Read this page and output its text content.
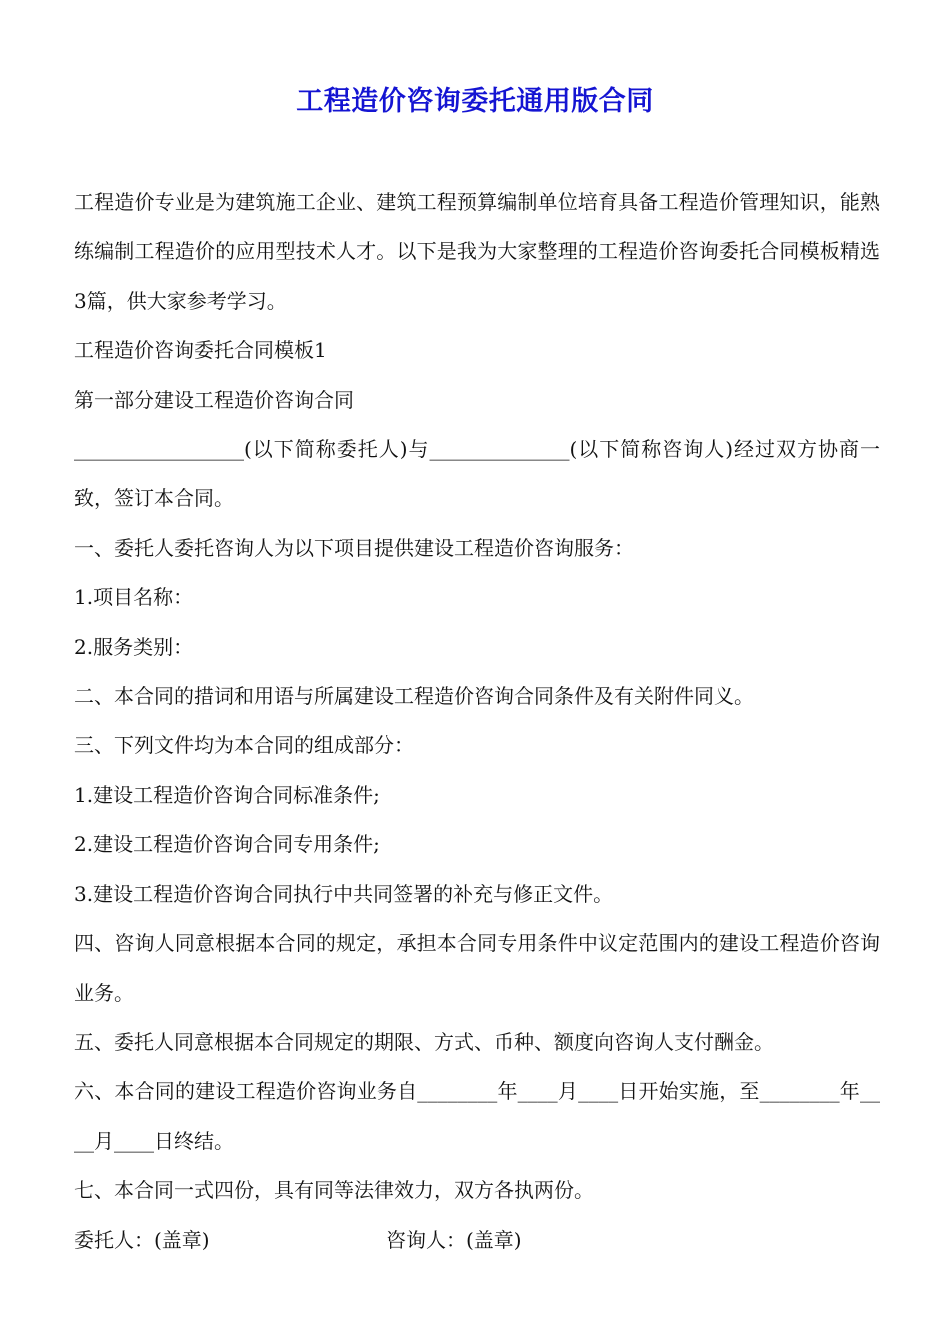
工程造价咨询委托通用版合同

工程造价专业是为建筑施工企业、建筑工程预算编制单位培育具备工程造价管理知识，能熟练编制工程造价的应用型技术人才。以下是我为大家整理的工程造价咨询委托合同模板精选3篇，供大家参考学习。

工程造价咨询委托合同模板1

第一部分建设工程造价咨询合同

_________________(以下简称委托人)与______________(以下简称咨询人)经过双方协商一致，签订本合同。

一、委托人委托咨询人为以下项目提供建设工程造价咨询服务：

1.项目名称：

2.服务类别：

二、本合同的措词和用语与所属建设工程造价咨询合同条件及有关附件同义。

三、下列文件均为本合同的组成部分：

1.建设工程造价咨询合同标准条件;

2.建设工程造价咨询合同专用条件;

3.建设工程造价咨询合同执行中共同签署的补充与修正文件。

四、咨询人同意根据本合同的规定，承担本合同专用条件中议定范围内的建设工程造价咨询业务。

五、委托人同意根据本合同规定的期限、方式、币种、额度向咨询人支付酬金。

六、本合同的建设工程造价咨询业务自________年____月____日开始实施，至________年____月____日终结。

七、本合同一式四份，具有同等法律效力，双方各执两份。

委托人：(盖章)	咨询人：(盖章)
